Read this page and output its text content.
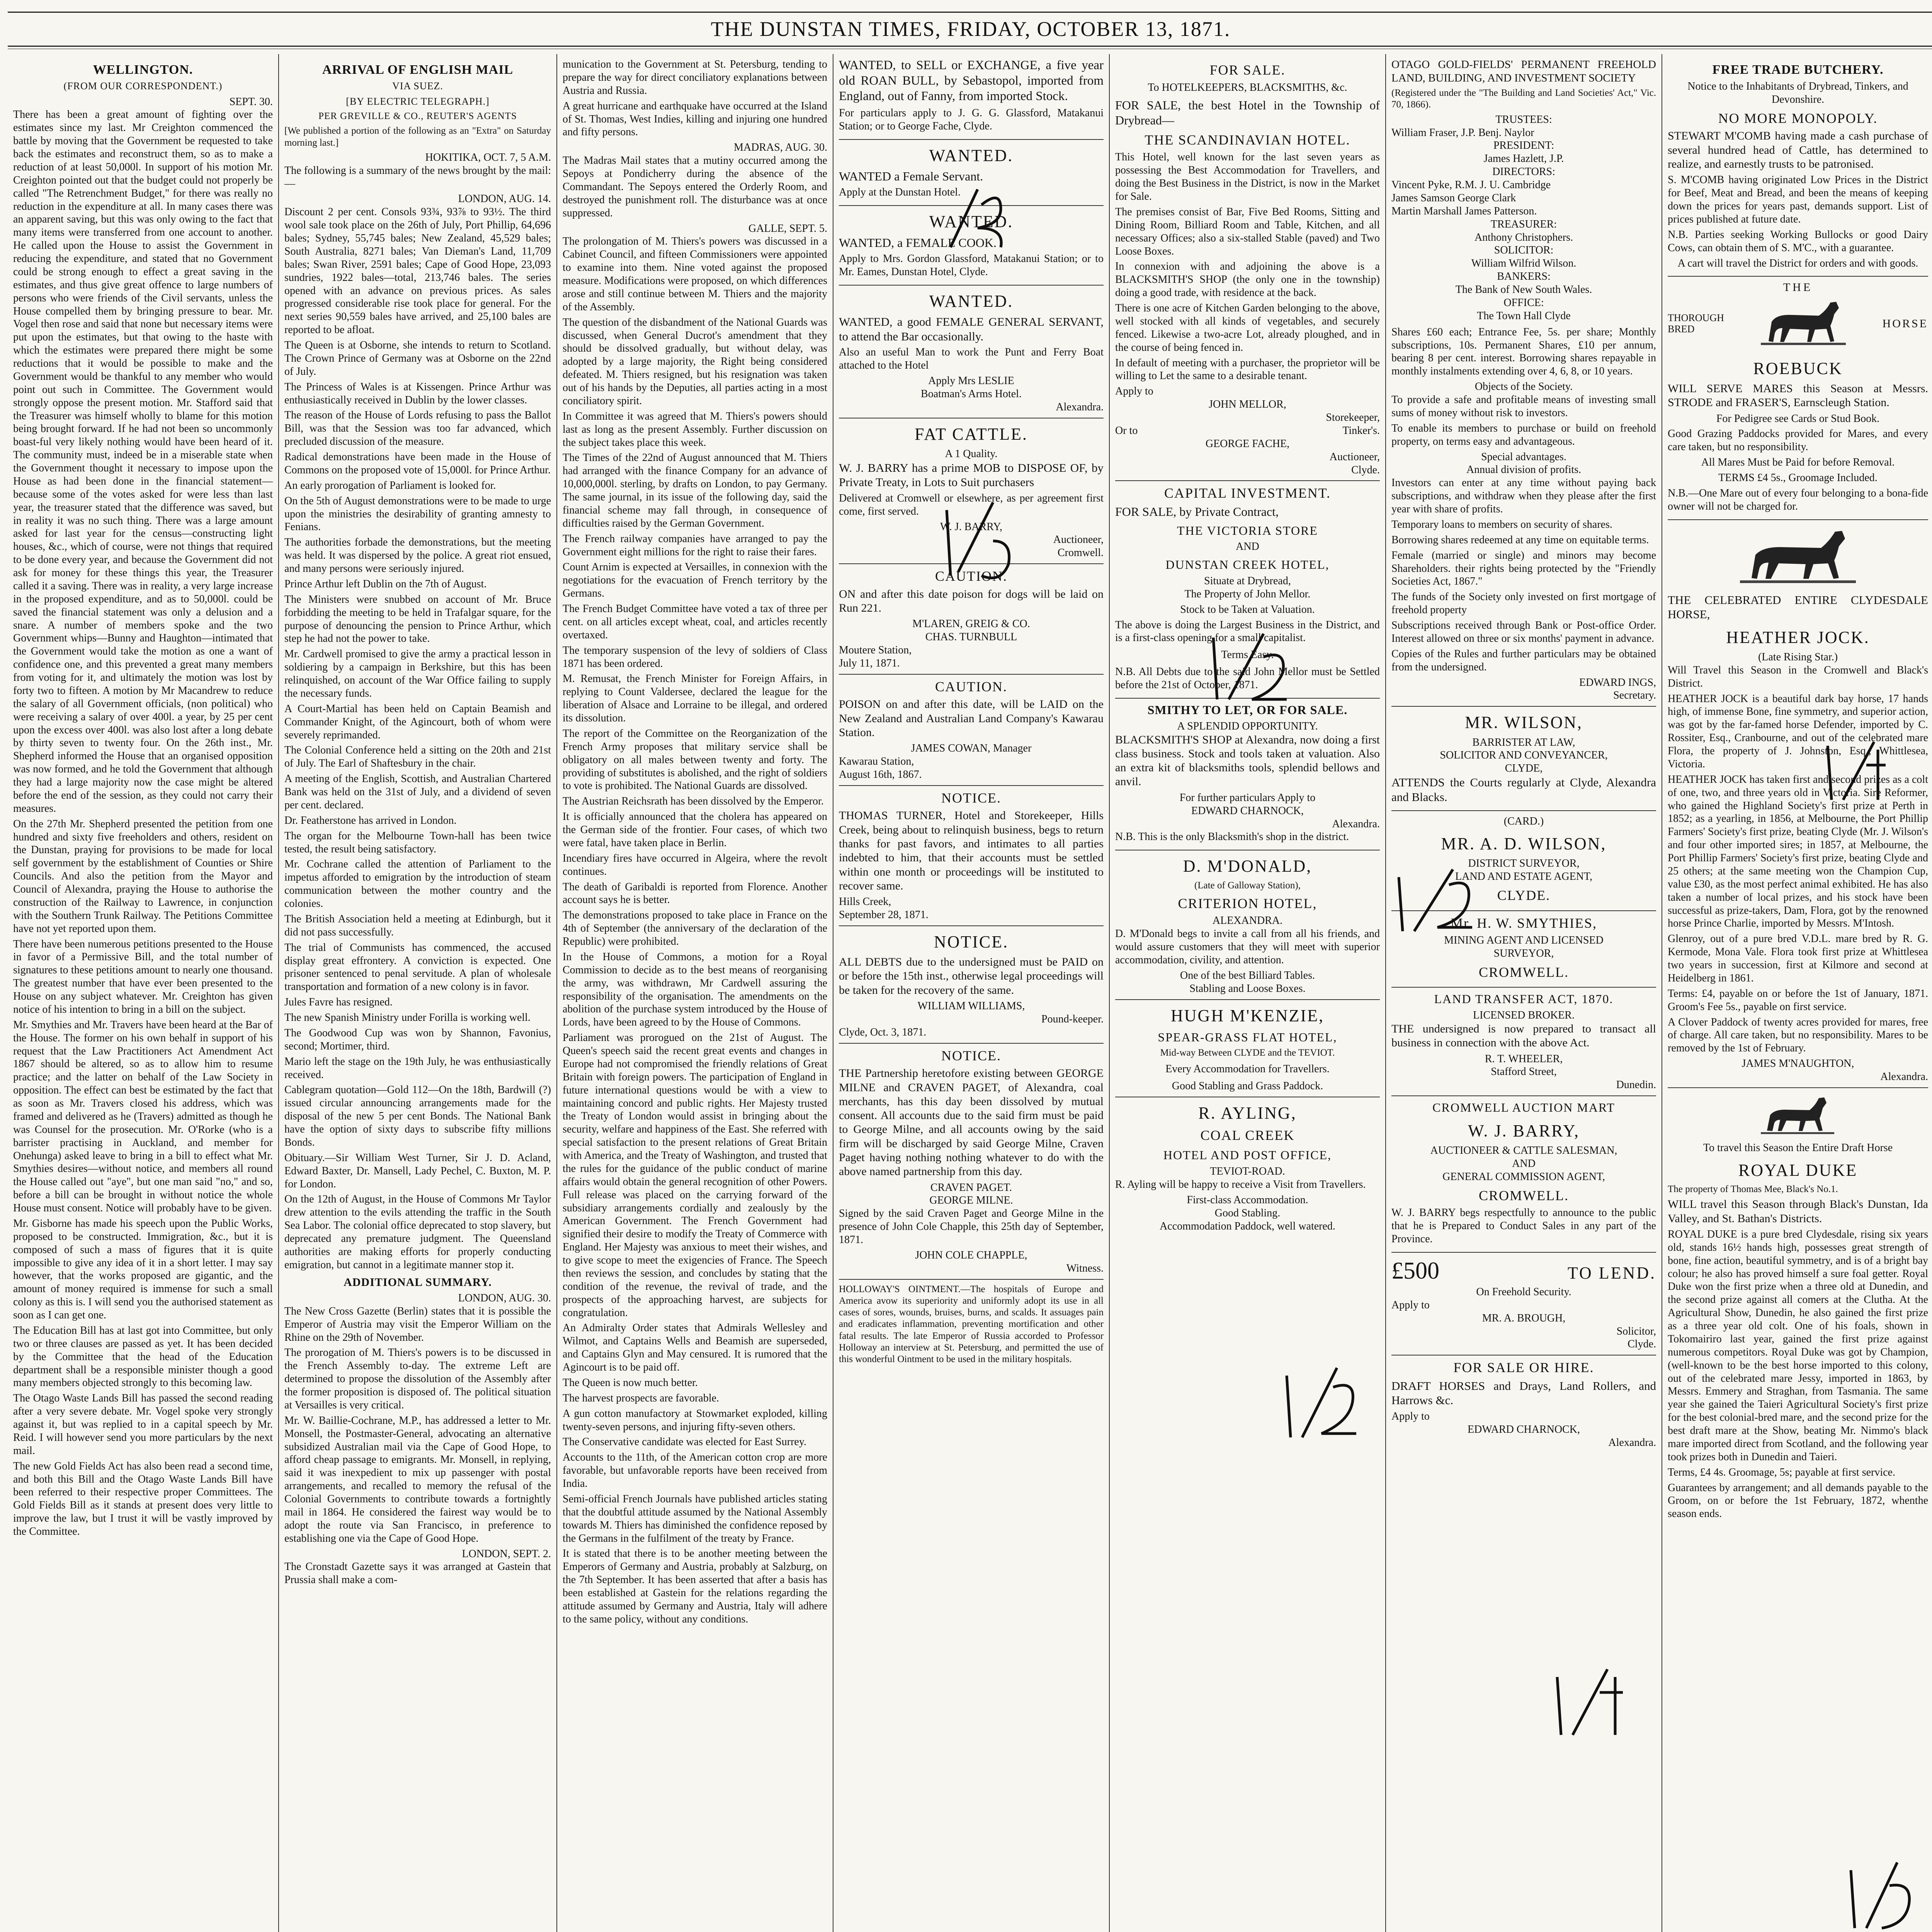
THE DUNSTAN TIMES, FRIDAY, OCTOBER 13, 1871.
WELLINGTON.
(FROM OUR CORRESPONDENT.)
SEPT. 30.

There has been a great amount of fighting over the estimates since my last. Mr Creighton commenced the battle by moving that the Government be requested to take back the estimates and reconstruct them, so as to make a reduction of at least 50,000l. In support of his motion Mr. Creighton pointed out that the budget could not properly be called "The Retrenchment Budget," for there was really no reduction in the expenditure at all. In many cases there was an apparent saving, but this was only owing to the fact that many items were transferred from one account to another. He called upon the House to assist the Government in reducing the expenditure, and stated that no Government could be strong enough to effect a great saving in the estimates, and thus give great offence to large numbers of persons who were friends of the Civil servants, unless the House compelled them by bringing pressure to bear. Mr. Vogel then rose and said that none but necessary items were put upon the estimates, but that owing to the haste with which the estimates were prepared there might be some reductions that it would be possible to make and the Government would be thankful to any member who would point out such in Committee. The Government would strongly oppose the present motion. Mr. Stafford said that the Treasurer was himself wholly to blame for this motion being brought forward. If he had not been so uncommonly boast-ful very likely nothing would have been heard of it. The community must, indeed be in a miserable state when the Government thought it necessary to impose upon the House as had been done in the financial statement—because some of the votes asked for were less than last year, the treasurer stated that the difference was saved, but in reality it was no such thing. There was a large amount asked for last year for the census—constructing light houses, &c., which of course, were not things that required to be done every year, and because the Government did not ask for money for these things this year, the Treasurer called it a saving. There was in reality, a very large increase in the proposed expenditure, and as to 50,000l. could be saved the financial statement was only a delusion and a snare. A number of members spoke and the two Government whips—Bunny and Haughton—intimated that the Government would take the motion as one a want of confidence one, and this prevented a great many members from voting for it, and ultimately the motion was lost by forty two to fifteen. A motion by Mr Macandrew to reduce the salary of all Government officials, (non political) who were receiving a salary of over 400l. a year, by 25 per cent upon the excess over 400l. was also lost after a long debate by thirty seven to twenty four. On the 26th inst., Mr. Shepherd informed the House that an organised opposition was now formed, and he told the Government that although they had a large majority now the case might be altered before the end of the session, as they could not carry their measures.

On the 27th Mr. Shepherd presented the petition from one hundred and sixty five freeholders and others, resident on the Dunstan, praying for provisions to be made for local self government by the establishment of Counties or Shire Councils. And also the petition from the Mayor and Council of Alexandra, praying the House to authorise the construction of the Railway to Lawrence, in conjunction with the Southern Trunk Railway. The Petitions Committee have not yet reported upon them.

There have been numerous petitions presented to the House in favor of a Permissive Bill, and the total number of signatures to these petitions amount to nearly one thousand. The greatest number that have ever been presented to the House on any subject whatever. Mr. Creighton has given notice of his intention to bring in a bill on the subject.

Mr. Smythies and Mr. Travers have been heard at the Bar of the House. The former on his own behalf in support of his request that the Law Practitioners Act Amendment Act 1867 should be altered, so as to allow him to resume practice; and the latter on behalf of the Law Society in opposition. The effect can best be estimated by the fact that as soon as Mr. Travers closed his address, which was framed and delivered as he (Travers) admitted as though he was Counsel for the prosecution. Mr. O'Rorke (who is a barrister practising in Auckland, and member for Onehunga) asked leave to bring in a bill to effect what Mr. Smythies desires—without notice, and members all round the House called out "aye", but one man said "no," and so, before a bill can be brought in without notice the whole House must consent. Notice will probably have to be given.

Mr. Gisborne has made his speech upon the Public Works, proposed to be constructed. Immigration, &c., but it is composed of such a mass of figures that it is quite impossible to give any idea of it in a short letter. I may say however, that the works proposed are gigantic, and the amount of money required is immense for such a small colony as this is. I will send you the authorised statement as soon as I can get one.

The Education Bill has at last got into Committee, but only two or three clauses are passed as yet. It has been decided by the Committee that the head of the Education department shall be a responsible minister though a good many members objected strongly to this becoming law.

The Otago Waste Lands Bill has passed the second reading after a very severe debate. Mr. Vogel spoke very strongly against it, but was replied to in a capital speech by Mr. Reid. I will however send you more particulars by the next mail.

The new Gold Fields Act has also been read a second time, and both this Bill and the Otago Waste Lands Bill have been referred to their respective proper Committees. The Gold Fields Bill as it stands at present does very little to improve the law, but I trust it will be vastly improved by the Committee.

ARRIVAL OF ENGLISH MAIL
VIA SUEZ.
[BY ELECTRIC TELEGRAPH.]
PER GREVILLE & CO., REUTER'S AGENTS

[We published a portion of the following as an "Extra" on Saturday morning last.]

HOKITIKA, OCT. 7, 5 A.M.

The following is a summary of the news brought by the mail:—

LONDON, AUG. 14.

Discount 2 per cent. Consols 93¾, 93⅞ to 93½. The third wool sale took place on the 26th of July, Port Phillip, 64,696 bales; Sydney, 55,745 bales; New Zealand, 45,529 bales; South Australia, 8271 bales; Van Dieman's Land, 11,709 bales; Swan River, 2591 bales; Cape of Good Hope, 23,093 sundries, 1922 bales—total, 213,746 bales. The series opened with an advance on previous prices. As sales progressed considerable rise took place for general. For the next series 90,559 bales have arrived, and 25,100 bales are reported to be afloat.

The Queen is at Osborne, she intends to return to Scotland. The Crown Prince of Germany was at Osborne on the 22nd of July.

The Princess of Wales is at Kissengen. Prince Arthur was enthusiastically received in Dublin by the lower classes.

The reason of the House of Lords refusing to pass the Ballot Bill, was that the Session was too far advanced, which precluded discussion of the measure.

Radical demonstrations have been made in the House of Commons on the proposed vote of 15,000l. for Prince Arthur.

An early prorogation of Parliament is looked for.

On the 5th of August demonstrations were to be made to urge upon the ministries the desirability of granting amnesty to Fenians.

The authorities forbade the demonstrations, but the meeting was held. It was dispersed by the police. A great riot ensued, and many persons were seriously injured.

Prince Arthur left Dublin on the 7th of August.

The Ministers were snubbed on account of Mr. Bruce forbidding the meeting to be held in Trafalgar square, for the purpose of denouncing the pension to Prince Arthur, which step he had not the power to take.

Mr. Cardwell promised to give the army a practical lesson in soldiering by a campaign in Berkshire, but this has been relinquished, on account of the War Office failing to supply the necessary funds.

A Court-Martial has been held on Captain Beamish and Commander Knight, of the Agincourt, both of whom were severely reprimanded.

The Colonial Conference held a sitting on the 20th and 21st of July. The Earl of Shaftesbury in the chair.

A meeting of the English, Scottish, and Australian Chartered Bank was held on the 31st of July, and a dividend of seven per cent. declared.

Dr. Featherstone has arrived in London.

The organ for the Melbourne Town-hall has been twice tested, the result being satisfactory.

Mr. Cochrane called the attention of Parliament to the impetus afforded to emigration by the introduction of steam communication between the mother country and the colonies.

The British Association held a meeting at Edinburgh, but it did not pass successfully.

The trial of Communists has commenced, the accused display great effrontery. A conviction is expected. One prisoner sentenced to penal servitude. A plan of wholesale transportation and formation of a new colony is in favor.

Jules Favre has resigned.

The new Spanish Ministry under Forilla is working well.

The Goodwood Cup was won by Shannon, Favonius, second; Mortimer, third.

Mario left the stage on the 19th July, he was enthusiastically received.

Cablegram quotation—Gold 112—On the 18th, Bardwill (?) issued circular announcing arrangements made for the disposal of the new 5 per cent Bonds. The National Bank have the option of sixty days to subscribe fifty millions Bonds.

Obituary.—Sir William West Turner, Sir J. D. Acland, Edward Baxter, Dr. Mansell, Lady Pechel, C. Buxton, M. P. for London.

On the 12th of August, in the House of Commons Mr Taylor drew attention to the evils attending the traffic in the South Sea Labor. The colonial office deprecated to stop slavery, but deprecated any premature judgment. The Queensland authorities are making efforts for properly conducting emigration, but cannot in a legitimate manner stop it.

ADDITIONAL SUMMARY.
LONDON, AUG. 30.

The New Cross Gazette (Berlin) states that it is possible the Emperor of Austria may visit the Emperor William on the Rhine on the 29th of November.

The prorogation of M. Thiers's powers is to be discussed in the French Assembly to-day. The extreme Left are determined to propose the dissolution of the Assembly after the former proposition is disposed of. The political situation at Versailles is very critical.

Mr. W. Baillie-Cochrane, M.P., has addressed a letter to Mr. Monsell, the Postmaster-General, advocating an alternative subsidized Australian mail via the Cape of Good Hope, to afford cheap passage to emigrants. Mr. Monsell, in replying, said it was inexpedient to mix up passenger with postal arrangements, and recalled to memory the refusal of the Colonial Governments to contribute towards a fortnightly mail in 1864. He considered the fairest way would be to adopt the route via San Francisco, in preference to establishing one via the Cape of Good Hope.

LONDON, SEPT. 2.

The Cronstadt Gazette says it was arranged at Gastein that Prussia shall make a com-

munication to the Government at St. Petersburg, tending to prepare the way for direct conciliatory explanations between Austria and Russia.

A great hurricane and earthquake have occurred at the Island of St. Thomas, West Indies, killing and injuring one hundred and fifty persons.

MADRAS, AUG. 30.

The Madras Mail states that a mutiny occurred among the Sepoys at Pondicherry during the absence of the Commandant. The Sepoys entered the Orderly Room, and destroyed the punishment roll. The disturbance was at once suppressed.

GALLE, SEPT. 5.

The prolongation of M. Thiers's powers was discussed in a Cabinet Council, and fifteen Commissioners were appointed to examine into them. Nine voted against the proposed measure. Modifications were proposed, on which differences arose and still continue between M. Thiers and the majority of the Assembly.

The question of the disbandment of the National Guards was discussed, when General Ducrot's amendment that they should be dissolved gradually, but without delay, was adopted by a large majority, the Right being considered defeated. M. Thiers resigned, but his resignation was taken out of his hands by the Deputies, all parties acting in a most conciliatory spirit.

In Committee it was agreed that M. Thiers's powers should last as long as the present Assembly. Further discussion on the subject takes place this week.

The Times of the 22nd of August announced that M. Thiers had arranged with the finance Company for an advance of 10,000,000l. sterling, by drafts on London, to pay Germany. The same journal, in its issue of the following day, said the financial scheme may fall through, in consequence of difficulties raised by the German Government.

The French railway companies have arranged to pay the Government eight millions for the right to raise their fares.

Count Arnim is expected at Versailles, in connexion with the negotiations for the evacuation of French territory by the Germans.

The French Budget Committee have voted a tax of three per cent. on all articles except wheat, coal, and articles recently overtaxed.

The temporary suspension of the levy of soldiers of Class 1871 has been ordered.

M. Remusat, the French Minister for Foreign Affairs, in replying to Count Valdersee, declared the league for the liberation of Alsace and Lorraine to be illegal, and ordered its dissolution.

The report of the Committee on the Reorganization of the French Army proposes that military service shall be obligatory on all males between twenty and forty. The providing of substitutes is abolished, and the right of soldiers to vote is prohibited. The National Guards are dissolved.

The Austrian Reichsrath has been dissolved by the Emperor.

It is officially announced that the cholera has appeared on the German side of the frontier. Four cases, of which two were fatal, have taken place in Berlin.

Incendiary fires have occurred in Algeira, where the revolt continues.

The death of Garibaldi is reported from Florence. Another account says he is better.

The demonstrations proposed to take place in France on the 4th of September (the anniversary of the declaration of the Republic) were prohibited.

In the House of Commons, a motion for a Royal Commission to decide as to the best means of reorganising the army, was withdrawn, Mr Cardwell assuring the responsibility of the organisation. The amendments on the abolition of the purchase system introduced by the House of Lords, have been agreed to by the House of Commons.

Parliament was prorogued on the 21st of August. The Queen's speech said the recent great events and changes in Europe had not compromised the friendly relations of Great Britain with foreign powers. The participation of England in future international questions would be with a view to maintaining concord and public rights. Her Majesty trusted the Treaty of London would assist in bringing about the security, welfare and happiness of the East. She referred with special satisfaction to the present relations of Great Britain with America, and the Treaty of Washington, and trusted that the rules for the guidance of the public conduct of marine affairs would obtain the general recognition of other Powers. Full release was placed on the carrying forward of the subsidiary arrangements cordially and zealously by the American Government. The French Government had signified their desire to modify the Treaty of Commerce with England. Her Majesty was anxious to meet their wishes, and to give scope to meet the exigencies of France. The Speech then reviews the session, and concludes by stating that the condition of the revenue, the revival of trade, and the prospects of the approaching harvest, are subjects for congratulation.

An Admiralty Order states that Admirals Wellesley and Wilmot, and Captains Wells and Beamish are superseded, and Captains Glyn and May censured. It is rumored that the Agincourt is to be paid off.

The Queen is now much better.

The harvest prospects are favorable.

A gun cotton manufactory at Stowmarket exploded, killing twenty-seven persons, and injuring fifty-seven others.

The Conservative candidate was elected for East Surrey.

Accounts to the 11th, of the American cotton crop are more favorable, but unfavorable reports have been received from India.

Semi-official French Journals have published articles stating that the doubtful attitude assumed by the National Assembly towards M. Thiers has diminished the confidence reposed by the Germans in the fulfilment of the treaty by France.

It is stated that there is to be another meeting between the Emperors of Germany and Austria, probably at Salzburg, on the 7th September. It has been asserted that after a basis has been established at Gastein for the relations regarding the attitude assumed by Germany and Austria, Italy will adhere to the same policy, without any conditions.

WANTED, to SELL or EXCHANGE, a five year old ROAN BULL, by Sebastopol, imported from England, out of Fanny, from imported Stock.

For particulars apply to J. G. G. Glassford, Matakanui Station; or to George Fache, Clyde.

WANTED.

WANTED a Female Servant.

Apply at the Dunstan Hotel.

WANTED.

WANTED, a FEMALE COOK.

Apply to Mrs. Gordon Glassford, Matakanui Station; or to Mr. Eames, Dunstan Hotel, Clyde.

WANTED.

WANTED, a good FEMALE GENERAL SERVANT, to attend the Bar occasionally.

Also an useful Man to work the Punt and Ferry Boat attached to the Hotel

Apply Mrs LESLIE
Boatman's Arms Hotel.
Alexandra.
FAT CATTLE.
A 1 Quality.

W. J. BARRY has a prime MOB to DISPOSE OF, by Private Treaty, in Lots to Suit purchasers

Delivered at Cromwell or elsewhere, as per agreement first come, first served.

W. J. BARRY,
Auctioneer,
Cromwell.
CAUTION.

ON and after this date poison for dogs will be laid on Run 221.

M'LAREN, GREIG & CO.
CHAS. TURNBULL
Moutere Station,
July 11, 1871.
CAUTION.

POISON on and after this date, will be LAID on the New Zealand and Australian Land Company's Kawarau Station.

JAMES COWAN, Manager
Kawarau Station,
August 16th, 1867.
NOTICE.

THOMAS TURNER, Hotel and Storekeeper, Hills Creek, being about to relinquish business, begs to return thanks for past favors, and intimates to all parties indebted to him, that their accounts must be settled within one month or proceedings will be instituted to recover same.

Hills Creek,
September 28, 1871.
NOTICE.

ALL DEBTS due to the undersigned must be PAID on or before the 15th inst., otherwise legal proceedings will be taken for the recovery of the same.

WILLIAM WILLIAMS,
Pound-keeper.
Clyde, Oct. 3, 1871.
NOTICE.

THE Partnership heretofore existing between GEORGE MILNE and CRAVEN PAGET, of Alexandra, coal merchants, has this day been dissolved by mutual consent. All accounts due to the said firm must be paid to George Milne, and all accounts owing by the said firm will be discharged by said George Milne, Craven Paget having nothing nothing whatever to do with the above named partnership from this day.

CRAVEN PAGET.
GEORGE MILNE.

Signed by the said Craven Paget and George Milne in the presence of John Cole Chapple, this 25th day of September, 1871.

JOHN COLE CHAPPLE,
Witness.

HOLLOWAY'S OINTMENT.—The hospitals of Europe and America avow its superiority and uniformly adopt its use in all cases of sores, wounds, bruises, burns, and scalds. It assuages pain and eradicates inflammation, preventing mortification and other fatal results. The late Emperor of Russia accorded to Professor Holloway an interview at St. Petersburg, and permitted the use of this wonderful Ointment to be used in the military hospitals.

FOR SALE.
To HOTELKEEPERS, BLACKSMITHS, &c.

FOR SALE, the best Hotel in the Township of Drybread—

THE SCANDINAVIAN HOTEL.

This Hotel, well known for the last seven years as possessing the Best Accommodation for Travellers, and doing the Best Business in the District, is now in the Market for Sale.

The premises consist of Bar, Five Bed Rooms, Sitting and Dining Room, Billiard Room and Table, Kitchen, and all necessary Offices; also a six-stalled Stable (paved) and Two Loose Boxes.

In connexion with and adjoining the above is a BLACKSMITH'S SHOP (the only one in the township) doing a good trade, with residence at the back.

There is one acre of Kitchen Garden belonging to the above, well stocked with all kinds of vegetables, and securely fenced. Likewise a two-acre Lot, already ploughed, and in the course of being fenced in.

In default of meeting with a purchaser, the proprietor will be willing to Let the same to a desirable tenant.

Apply to
JOHN MELLOR,
Storekeeper,
Or to	Tinker's.
GEORGE FACHE,
Auctioneer,
Clyde.
CAPITAL INVESTMENT.

FOR SALE, by Private Contract,

THE VICTORIA STORE
AND
DUNSTAN CREEK HOTEL,
Situate at Drybread,
The Property of John Mellor.
Stock to be Taken at Valuation.

The above is doing the Largest Business in the District, and is a first-class opening for a small capitalist.

Terms Easy.

N.B. All Debts due to the said John Mellor must be Settled before the 21st of October, 1871.

SMITHY TO LET, OR FOR SALE.
A SPLENDID OPPORTUNITY.

BLACKSMITH'S SHOP at Alexandra, now doing a first class business. Stock and tools taken at valuation. Also an extra kit of blacksmiths tools, splendid bellows and anvil.

For further particulars Apply to
EDWARD CHARNOCK,
Alexandra.

N.B. This is the only Blacksmith's shop in the district.

D. M'DONALD,
(Late of Galloway Station),
CRITERION HOTEL,
ALEXANDRA.

D. M'Donald begs to invite a call from all his friends, and would assure customers that they will meet with superior accommodation, civility, and attention.

One of the best Billiard Tables.
Stabling and Loose Boxes.
HUGH M'KENZIE,
SPEAR-GRASS FLAT HOTEL,
Mid-way Between CLYDE and the TEVIOT.
Every Accommodation for Travellers.
Good Stabling and Grass Paddock.
R. AYLING,
COAL CREEK
HOTEL AND POST OFFICE,
TEVIOT-ROAD.

R. Ayling will be happy to receive a Visit from Travellers.

First-class Accommodation.
Good Stabling.
Accommodation Paddock, well watered.

OTAGO GOLD-FIELDS' PERMANENT FREEHOLD LAND, BUILDING, AND INVESTMENT SOCIETY

(Registered under the "The Building and Land Societies' Act," Vic. 70, 1866).

TRUSTEES:
William Fraser, J.P. Benj. Naylor
PRESIDENT:
James Hazlett, J.P.
DIRECTORS:
Vincent Pyke, R.M. J. U. Cambridge
James Samson George Clark
Martin Marshall James Patterson.
TREASURER:
Anthony Christophers.
SOLICITOR:
William Wilfrid Wilson.
BANKERS:
The Bank of New South Wales.
OFFICE:
The Town Hall Clyde

Shares £60 each; Entrance Fee, 5s. per share; Monthly subscriptions, 10s. Permanent Shares, £10 per annum, bearing 8 per cent. interest. Borrowing shares repayable in monthly instalments extending over 4, 6, 8, or 10 years.

Objects of the Society.

To provide a safe and profitable means of investing small sums of money without risk to investors.

To enable its members to purchase or build on freehold property, on terms easy and advantageous.

Special advantages.
Annual division of profits.

Investors can enter at any time without paying back subscriptions, and withdraw when they please after the first year with share of profits.

Temporary loans to members on security of shares.

Borrowing shares redeemed at any time on equitable terms.

Female (married or single) and minors may become Shareholders. their rights being protected by the "Friendly Societies Act, 1867."

The funds of the Society only invested on first mortgage of freehold property

Subscriptions received through Bank or Post-office Order. Interest allowed on three or six months' payment in advance.

Copies of the Rules and further particulars may be obtained from the undersigned.

EDWARD INGS,
Secretary.
MR. WILSON,
BARRISTER AT LAW,
SOLICITOR AND CONVEYANCER,
CLYDE,

ATTENDS the Courts regularly at Clyde, Alexandra and Blacks.

(CARD.)
MR. A. D. WILSON,
DISTRICT SURVEYOR,
LAND AND ESTATE AGENT,
CLYDE.
Mr. H. W. SMYTHIES,
MINING AGENT AND LICENSED
SURVEYOR,
CROMWELL.
LAND TRANSFER ACT, 1870.
LICENSED BROKER.

THE undersigned is now prepared to transact all business in connection with the above Act.

R. T. WHEELER,
Stafford Street,
Dunedin.
CROMWELL AUCTION MART
W. J. BARRY,
AUCTIONEER & CATTLE SALESMAN,
AND
GENERAL COMMISSION AGENT,
CROMWELL.

W. J. BARRY begs respectfully to announce to the public that he is Prepared to Conduct Sales in any part of the Province.

£500	TO LEND.
On Freehold Security.
Apply to
MR. A. BROUGH,
Solicitor,
Clyde.
FOR SALE OR HIRE.

DRAFT HORSES and Drays, Land Rollers, and Harrows &c.

Apply to
EDWARD CHARNOCK,
Alexandra.
FREE TRADE BUTCHERY.

Notice to the Inhabitants of Drybread, Tinkers, and Devonshire.

NO MORE MONOPOLY.

STEWART M'COMB having made a cash purchase of several hundred head of Cattle, has determined to realize, and earnestly trusts to be patronised.

S. M'COMB having originated Low Prices in the District for Beef, Meat and Bread, and been the means of keeping down the prices for years past, demands support. List of prices published at future date.

N.B. Parties seeking Working Bullocks or good Dairy Cows, can obtain them of S. M'C., with a guarantee.

A cart will travel the District for orders and with goods.

THE
THOROUGH
BRED	HORSE
ROEBUCK

WILL SERVE MARES this Season at Messrs. STRODE and FRASER'S, Earnscleugh Station.

For Pedigree see Cards or Stud Book.

Good Grazing Paddocks provided for Mares, and every care taken, but no responsibility.

All Mares Must be Paid for before Removal.

TERMS £4 5s., Groomage Included.

N.B.—One Mare out of every four belonging to a bona-fide owner will not be charged for.

THE CELEBRATED ENTIRE CLYDESDALE HORSE,

HEATHER JOCK.
(Late Rising Star.)

Will Travel this Season in the Cromwell and Black's District.

HEATHER JOCK is a beautiful dark bay horse, 17 hands high, of immense Bone, fine symmetry, and superior action, was got by the far-famed horse Defender, imported by C. Rossiter, Esq., Cranbourne, and out of the celebrated mare Flora, the property of J. Johnston, Esq., Whittlesea, Victoria.

HEATHER JOCK has taken first and second prizes as a colt of one, two, and three years old in Victoria. Sire Reformer, who gained the Highland Society's first prize at Perth in 1852; as a yearling, in 1856, at Melbourne, the Port Phillip Farmers' Society's first prize, beating Clyde (Mr. J. Wilson's and four other imported sires; in 1857, at Melbourne, the Port Phillip Farmers' Society's first prize, beating Clyde and 25 others; at the same meeting won the Champion Cup, value £30, as the most perfect animal exhibited. He has also taken a number of local prizes, and his stock have been successful as prize-takers, Dam, Flora, got by the renowned horse Prince Charlie, imported by Messrs. M'Intosh.

Glenroy, out of a pure bred V.D.L. mare bred by R. G. Kermode, Mona Vale. Flora took first prize at Whittlesea two years in succession, first at Kilmore and second at Heidelberg in 1861.

Terms: £4, payable on or before the 1st of January, 1871. Groom's Fee 5s., payable on first service.

A Clover Paddock of twenty acres provided for mares, free of charge. All care taken, but no responsibility. Mares to be removed by the 1st of February.

JAMES M'NAUGHTON,
Alexandra.

To travel this Season the Entire Draft Horse

ROYAL DUKE

The property of Thomas Mee, Black's No.1.

WILL travel this Season through Black's Dunstan, Ida Valley, and St. Bathan's Districts.

ROYAL DUKE is a pure bred Clydesdale, rising six years old, stands 16½ hands high, possesses great strength of bone, fine action, beautiful symmetry, and is of a bright bay colour; he also has proved himself a sure foal getter. Royal Duke won the first prize when a three old at Dunedin, and the second prize against all comers at the Clutha. At the Agricultural Show, Dunedin, he also gained the first prize as a three year old colt. One of his foals, shown in Tokomairiro last year, gained the first prize against numerous competitors. Royal Duke was got by Champion, (well-known to be the best horse imported to this colony, out of the celebrated mare Jessy, imported in 1863, by Messrs. Emmery and Straghan, from Tasmania. The same year she gained the Taieri Agricultural Society's first prize for the best colonial-bred mare, and the second prize for the best draft mare at the Show, beating Mr. Nimmo's black mare imported direct from Scotland, and the following year took prizes both in Dunedin and Taieri.

Terms, £4 4s. Groomage, 5s; payable at first service.

Guarantees by arrangement; and all demands payable to the Groom, on or before the 1st February, 1872, whenthe season ends.
